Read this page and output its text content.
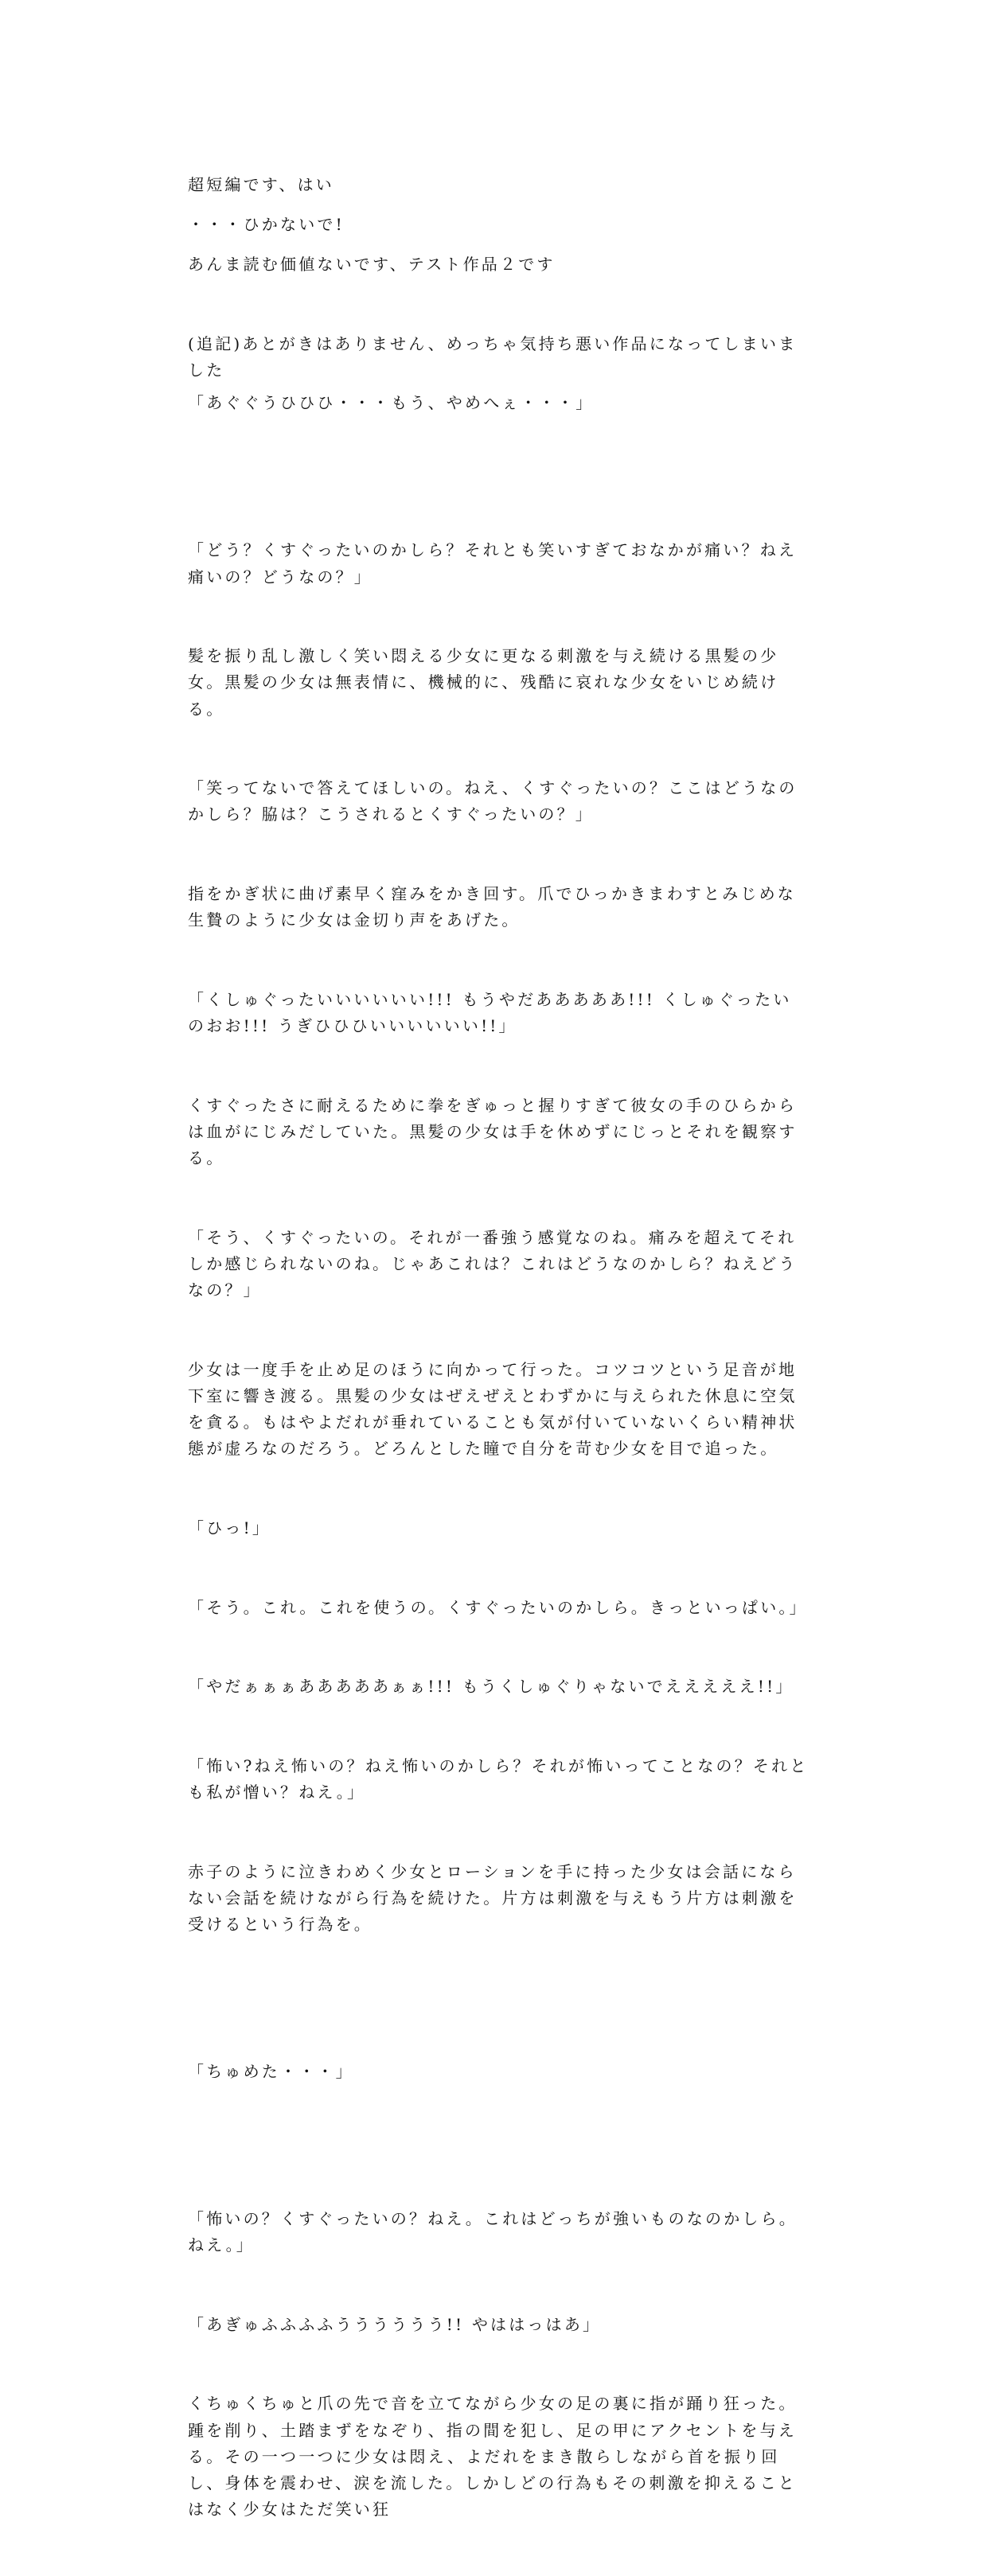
超短編です、はい

あんま読む価値ないです、テスト作品２です

(追記)あとがきはありません、めっちゃ気持ち悪い作品になってしまいました

・・・ひかないで!

「あぐぐうひひひ・・・もう、やめへぇ・・・」

「どう？くすぐったいのかしら？それとも笑いすぎておなかが痛い？ねえ痛いの？どうなの？」

髪を振り乱し激しく笑い悶える少女に更なる刺激を与え続ける黒髪の少女。黒髪の少女は無表情に、機械的に、残酷に哀れな少女をいじめ続ける。

「笑ってないで答えてほしいの。ねえ、くすぐったいの？ここはどうなのかしら？脇は？こうされるとくすぐったいの？」

指をかぎ状に曲げ素早く窪みをかき回す。爪でひっかきまわすとみじめな生贄のように少女は金切り声をあげた。

「くしゅぐったいいいいいい!!! もうやだあああああ!!! くしゅぐったいのおお!!! うぎひひひいいいいいい!!」

くすぐったさに耐えるために拳をぎゅっと握りすぎて彼女の手のひらからは血がにじみだしていた。黒髪の少女は手を休めずにじっとそれを観察する。

「そう、くすぐったいの。それが一番強う感覚なのね。痛みを超えてそれしか感じられないのね。じゃあこれは？これはどうなのかしら？ねえどうなの？」

少女は一度手を止め足のほうに向かって行った。コツコツという足音が地下室に響き渡る。黒髪の少女はぜえぜえとわずかに与えられた休息に空気を貪る。もはやよだれが垂れていることも気が付いていないくらい精神状態が虚ろなのだろう。どろんとした瞳で自分を苛む少女を目で追った。

「ひっ!」

「そう。これ。これを使うの。くすぐったいのかしら。きっといっぱい。」

「やだぁぁぁあああああぁぁ!!! もうくしゅぐりゃないでえええええ!!」

「怖い?ねえ怖いの？ねえ怖いのかしら？それが怖いってことなの？それとも私が憎い？ねえ。」

赤子のように泣きわめく少女とローションを手に持った少女は会話にならない会話を続けながら行為を続けた。片方は刺激を与えもう片方は刺激を受けるという行為を。

「ちゅめた・・・」

「怖いの？くすぐったいの？ねえ。これはどっちが強いものなのかしら。ねえ。」

「あぎゅふふふふうううううう!! やははっはあ」

くちゅくちゅと爪の先で音を立てながら少女の足の裏に指が踊り狂った。踵を削り、土踏まずをなぞり、指の間を犯し、足の甲にアクセントを与える。その一つ一つに少女は悶え、よだれをまき散らしながら首を振り回し、身体を震わせ、涙を流した。しかしどの行為もその刺激を抑えることはなく少女はただ笑い狂
